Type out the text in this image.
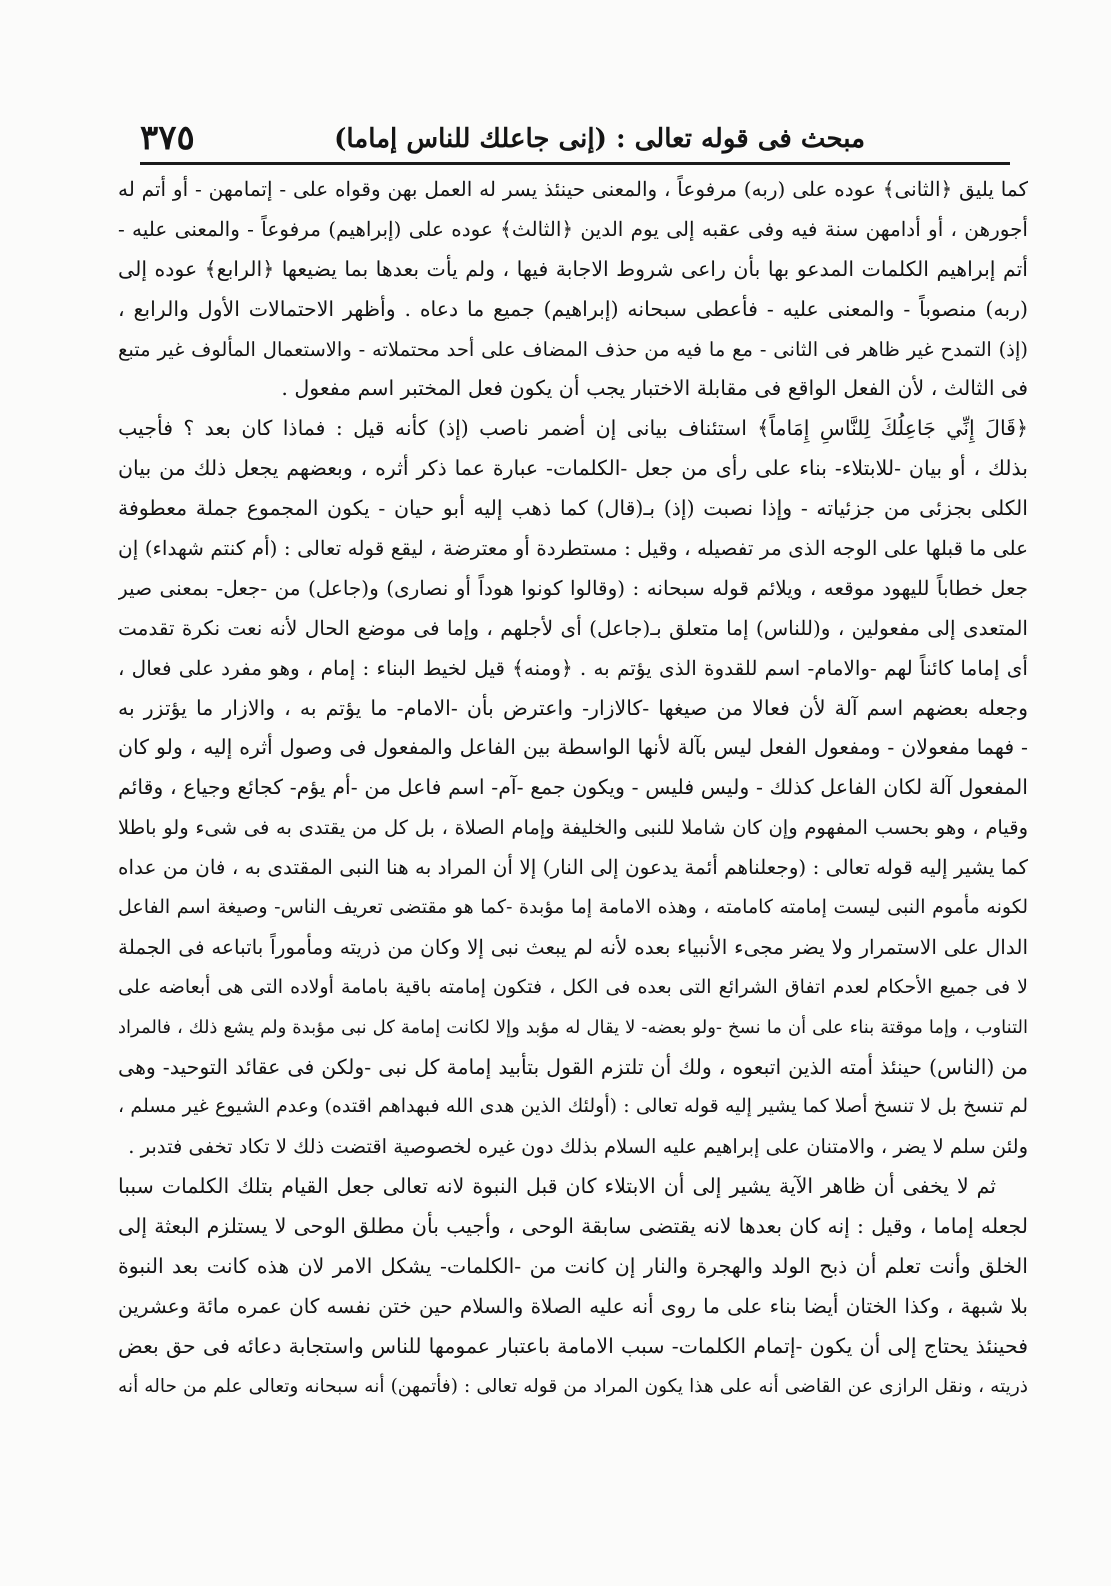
مبحث فى قوله تعالى : (إنى جاعلك للناس إماما)
٣٧٥
كما يليق ﴿الثانى﴾ عوده على (ربه) مرفوعاً ، والمعنى حينئذ يسر له العمل بهن وقواه على - إتمامهن - أو أتم له
أجورهن ، أو أدامهن سنة فيه وفى عقبه إلى يوم الدين ﴿الثالث﴾ عوده على (إبراهيم) مرفوعاً - والمعنى عليه -
أتم إبراهيم الكلمات المدعو بها بأن راعى شروط الاجابة فيها ، ولم يأت بعدها بما يضيعها ﴿الرابع﴾ عوده إلى
(ربه) منصوباً - والمعنى عليه - فأعطى سبحانه (إبراهيم) جميع ما دعاه . وأظهر الاحتمالات الأول والرابع ،
(إذ) التمدح غير ظاهر فى الثانى - مع ما فيه من حذف المضاف على أحد محتملاته - والاستعمال المألوف غير متبع
فى الثالث ، لأن الفعل الواقع فى مقابلة الاختبار يجب أن يكون فعل المختبر اسم مفعول .
﴿قَالَ إِنِّي جَاعِلُكَ لِلنَّاسِ إِمَاماً﴾ استئناف بيانى إن أضمر ناصب (إذ) كأنه قيل : فماذا كان بعد ؟ فأجيب
بذلك ، أو بيان -للابتلاء- بناء على رأى من جعل -الكلمات- عبارة عما ذكر أثره ، وبعضهم يجعل ذلك من بيان
الكلى بجزئى من جزئياته - وإذا نصبت (إذ) بـ(قال) كما ذهب إليه أبو حيان - يكون المجموع جملة معطوفة
على ما قبلها على الوجه الذى مر تفصيله ، وقيل : مستطردة أو معترضة ، ليقع قوله تعالى : (أم كنتم شهداء) إن
جعل خطاباً لليهود موقعه ، ويلائم قوله سبحانه : (وقالوا كونوا هوداً أو نصارى) و(جاعل) من -جعل- بمعنى صير
المتعدى إلى مفعولين ، و(للناس) إما متعلق بـ(جاعل) أى لأجلهم ، وإما فى موضع الحال لأنه نعت نكرة تقدمت
أى إماما كائناً لهم -والامام- اسم للقدوة الذى يؤتم به . ﴿ومنه﴾ قيل لخيط البناء : إمام ، وهو مفرد على فعال ،
وجعله بعضهم اسم آلة لأن فعالا من صيغها -كالازار- واعترض بأن -الامام- ما يؤتم به ، والازار ما يؤتزر به
- فهما مفعولان - ومفعول الفعل ليس بآلة لأنها الواسطة بين الفاعل والمفعول فى وصول أثره إليه ، ولو كان
المفعول آلة لكان الفاعل كذلك - وليس فليس - ويكون جمع -آم- اسم فاعل من -أم يؤم- كجائع وجياع ، وقائم
وقيام ، وهو بحسب المفهوم وإن كان شاملا للنبى والخليفة وإمام الصلاة ، بل كل من يقتدى به فى شىء ولو باطلا
كما يشير إليه قوله تعالى : (وجعلناهم أئمة يدعون إلى النار) إلا أن المراد به هنا النبى المقتدى به ، فان من عداه
لكونه مأموم النبى ليست إمامته كامامته ، وهذه الامامة إما مؤبدة -كما هو مقتضى تعريف الناس- وصيغة اسم الفاعل
الدال على الاستمرار ولا يضر مجىء الأنبياء بعده لأنه لم يبعث نبى إلا وكان من ذريته ومأموراً باتباعه فى الجملة
لا فى جميع الأحكام لعدم اتفاق الشرائع التى بعده فى الكل ، فتكون إمامته باقية بامامة أولاده التى هى أبعاضه على
التناوب ، وإما موقتة بناء على أن ما نسخ -ولو بعضه- لا يقال له مؤبد وإلا لكانت إمامة كل نبى مؤبدة ولم يشع ذلك ، فالمراد
من (الناس) حينئذ أمته الذين اتبعوه ، ولك أن تلتزم القول بتأبيد إمامة كل نبى -ولكن فى عقائد التوحيد- وهى
لم تنسخ بل لا تنسخ أصلا كما يشير إليه قوله تعالى : (أولئك الذين هدى الله فبهداهم اقتده) وعدم الشيوع غير مسلم ،
ولئن سلم لا يضر ، والامتنان على إبراهيم عليه السلام بذلك دون غيره لخصوصية اقتضت ذلك لا تكاد تخفى فتدبر .
ثم لا يخفى أن ظاهر الآية يشير إلى أن الابتلاء كان قبل النبوة لانه تعالى جعل القيام بتلك الكلمات سببا
لجعله إماما ، وقيل : إنه كان بعدها لانه يقتضى سابقة الوحى ، وأجيب بأن مطلق الوحى لا يستلزم البعثة إلى
الخلق وأنت تعلم أن ذبح الولد والهجرة والنار إن كانت من -الكلمات- يشكل الامر لان هذه كانت بعد النبوة
بلا شبهة ، وكذا الختان أيضا بناء على ما روى أنه عليه الصلاة والسلام حين ختن نفسه كان عمره مائة وعشرين
فحينئذ يحتاج إلى أن يكون -إتمام الكلمات- سبب الامامة باعتبار عمومها للناس واستجابة دعائه فى حق بعض
ذريته ، ونقل الرازى عن القاضى أنه على هذا يكون المراد من قوله تعالى : (فأتمهن) أنه سبحانه وتعالى علم من حاله أنه
